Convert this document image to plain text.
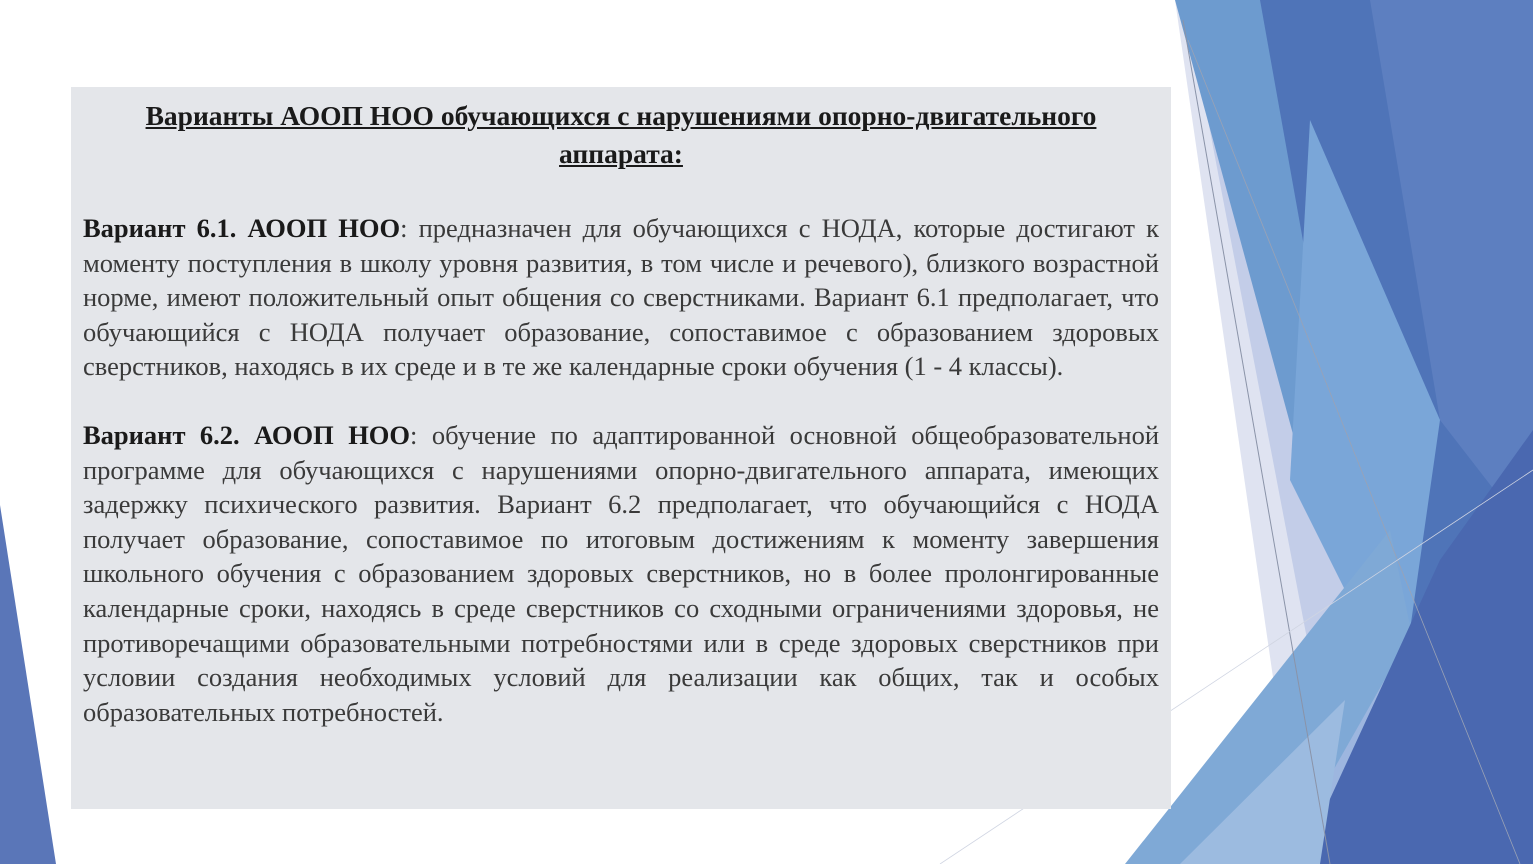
Варианты АООП НОО обучающихся с нарушениями опорно-двигательного аппарата:

Вариант 6.1. АООП НОО: предназначен для обучающихся с НОДА, которые достигают к моменту поступления в школу уровня развития, в том числе и речевого), близкого возрастной норме, имеют положительный опыт общения со сверстниками. Вариант 6.1 предполагает, что обучающийся с НОДА получает образование, сопоставимое с образованием здоровых сверстников, находясь в их среде и в те же календарные сроки обучения (1 - 4 классы).

Вариант 6.2. АООП НОО: обучение по адаптированной основной общеобразовательной программе для обучающихся с нарушениями опорно-двигательного аппарата, имеющих задержку психического развития. Вариант 6.2 предполагает, что обучающийся с НОДА получает образование, сопоставимое по итоговым достижениям к моменту завершения школьного обучения с образованием здоровых сверстников, но в более пролонгированные календарные сроки, находясь в среде сверстников со сходными ограничениями здоровья, не противоречащими образовательными потребностями или в среде здоровых сверстников при условии создания необходимых условий для реализации как общих, так и особых образовательных потребностей.
